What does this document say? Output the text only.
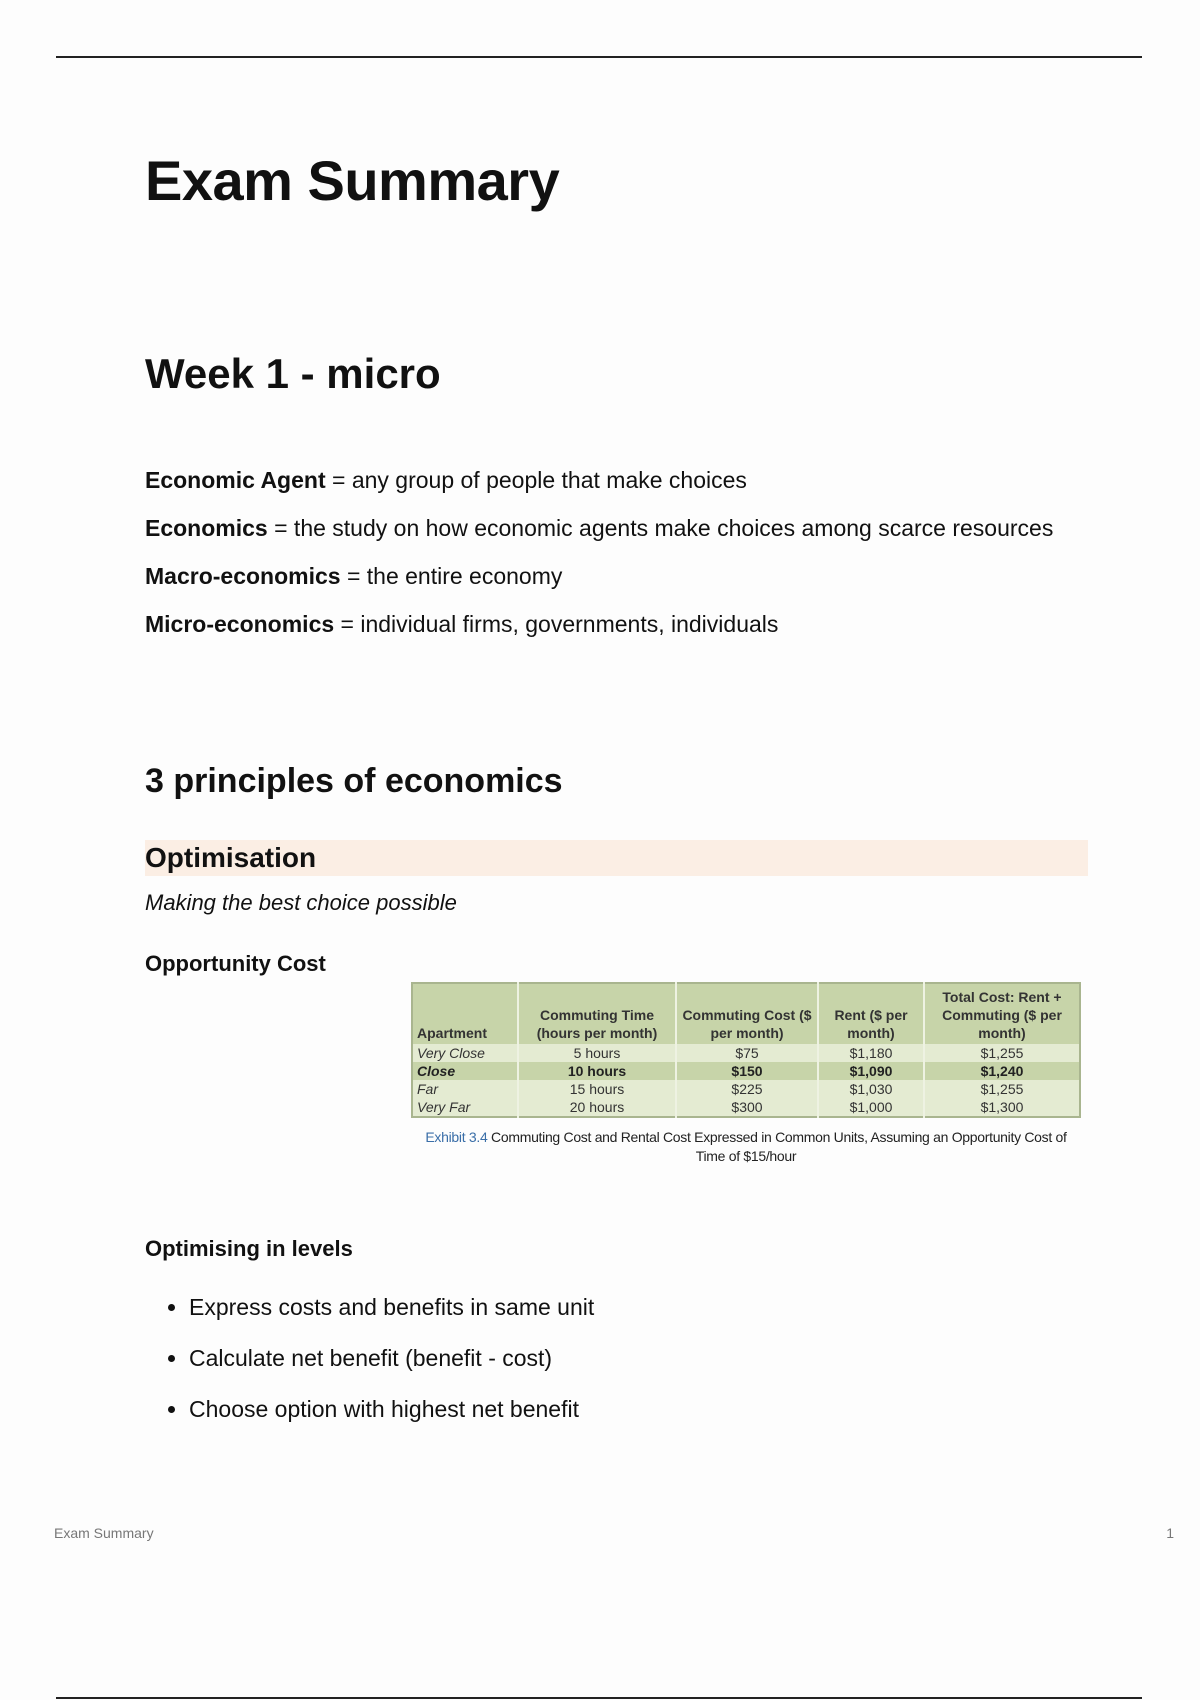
Exam Summary
Week 1 - micro

Economic Agent = any group of people that make choices

Economics = the study on how economic agents make choices among scarce resources

Macro-economics = the entire economy

Micro-economics = individual firms, governments, individuals

3 principles of economics
Optimisation

Making the best choice possible

Opportunity Cost

Apartment	Commuting Time (hours per month)	Commuting Cost ($ per month)	Rent ($ per month)	Total Cost: Rent + Commuting ($ per month)
Very Close	5 hours	$75	$1,180	$1,255
Close	10 hours	$150	$1,090	$1,240
Far	15 hours	$225	$1,030	$1,255
Very Far	20 hours	$300	$1,000	$1,300
Exhibit 3.4 Commuting Cost and Rental Cost Expressed in Common Units, Assuming an Opportunity Cost of Time of $15/hour

Optimising in levels

• Express costs and benefits in same unit
• Calculate net benefit (benefit - cost)
• Choose option with highest net benefit
Exam Summary	1
